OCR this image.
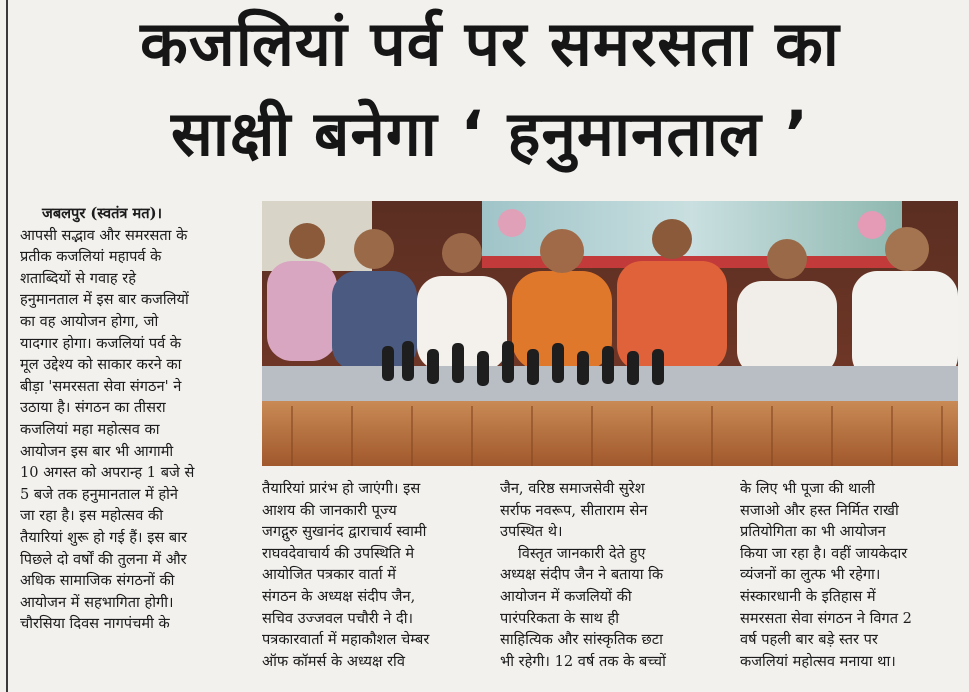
कजलियां पर्व पर समरसता का
साक्षी बनेगा ‘ हनुमानताल ’
जबलपुर (स्वतंत्र मत)।
आपसी सद्भाव और समरसता के
प्रतीक कजलियां महापर्व के
शताब्दियों से गवाह रहे
हनुमानताल में इस बार कजलियों
का वह आयोजन होगा, जो
यादगार होगा। कजलियां पर्व के
मूल उद्देश्य को साकार करने का
बीड़ा 'समरसता सेवा संगठन' ने
उठाया है। संगठन का तीसरा
कजलियां महा महोत्सव का
आयोजन इस बार भी आगामी
10 अगस्त को अपरान्ह 1 बजे से
5 बजे तक हनुमानताल में होने
जा रहा है। इस महोत्सव की
तैयारियां शुरू हो गई हैं। इस बार
पिछले दो वर्षों की तुलना में और
अधिक सामाजिक संगठनों की
आयोजन में सहभागिता होगी।
चौरसिया दिवस नागपंचमी के
तैयारियां प्रारंभ हो जाएंगी। इस
आशय की जानकारी पूज्य
जगद्गुरु सुखानंद द्वाराचार्य स्वामी
राघवदेवाचार्य की उपस्थिति मे
आयोजित पत्रकार वार्ता में
संगठन के अध्यक्ष संदीप जैन,
सचिव उज्जवल पचौरी ने दी।
पत्रकारवार्ता में महाकौशल चेम्बर
ऑफ कॉमर्स के अध्यक्ष रवि
जैन, वरिष्ठ समाजसेवी सुरेश
सर्राफ नवरूप, सीताराम सेन
उपस्थित थे।
विस्तृत जानकारी देते हुए
अध्यक्ष संदीप जैन ने बताया कि
आयोजन में कजलियों की
पारंपरिकता के साथ ही
साहित्यिक और सांस्कृतिक छटा
भी रहेगी। 12 वर्ष तक के बच्चों
के लिए भी पूजा की थाली
सजाओ और हस्त निर्मित राखी
प्रतियोगिता का भी आयोजन
किया जा रहा है। वहीं जायकेदार
व्यंजनों का लुत्फ भी रहेगा।
संस्कारधानी के इतिहास में
समरसता सेवा संगठन ने विगत 2
वर्ष पहली बार बड़े स्तर पर
कजलियां महोत्सव मनाया था।
